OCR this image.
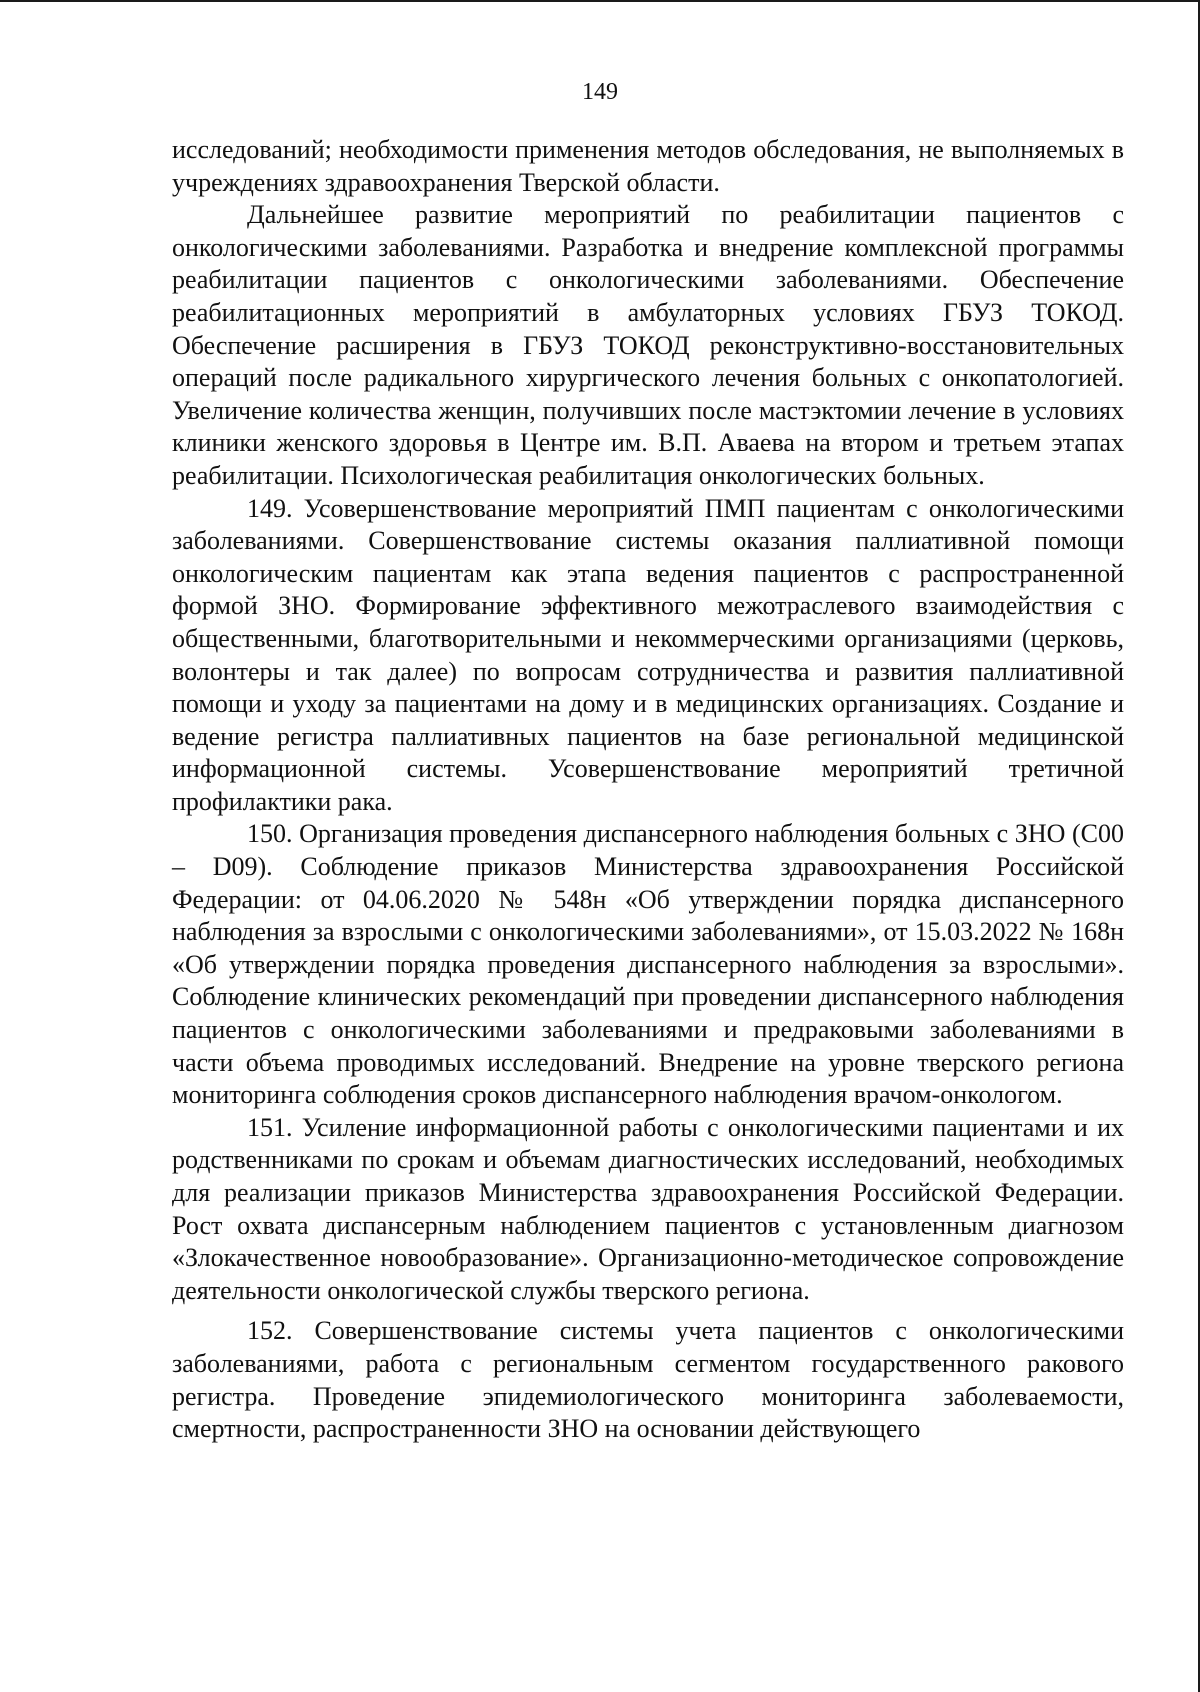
149

исследований; необходимости применения методов обследования, не выполняемых в учреждениях здравоохранения Тверской области.

Дальнейшее развитие мероприятий по реабилитации пациентов с онкологическими заболеваниями. Разработка и внедрение комплексной программы реабилитации пациентов с онкологическими заболеваниями. Обеспечение реабилитационных мероприятий в амбулаторных условиях ГБУЗ ТОКОД. Обеспечение расширения в ГБУЗ ТОКОД реконструктивно-восстановительных операций после радикального хирургического лечения больных с онкопатологией. Увеличение количества женщин, получивших после мастэктомии лечение в условиях клиники женского здоровья в Центре им. В.П. Аваева на втором и третьем этапах реабилитации. Психологическая реабилитация онкологических больных.

149. Усовершенствование мероприятий ПМП пациентам с онкологическими заболеваниями. Совершенствование системы оказания паллиативной помощи онкологическим пациентам как этапа ведения пациентов с распространенной формой ЗНО. Формирование эффективного межотраслевого взаимодействия с общественными, благотворительными и некоммерческими организациями (церковь, волонтеры и так далее) по вопросам сотрудничества и развития паллиативной помощи и уходу за пациентами на дому и в медицинских организациях. Создание и ведение регистра паллиативных пациентов на базе региональной медицинской информационной системы. Усовершенствование мероприятий третичной профилактики рака.

150. Организация проведения диспансерного наблюдения больных с ЗНО (C00 – D09). Соблюдение приказов Министерства здравоохранения Российской Федерации: от 04.06.2020 № 548н «Об утверждении порядка диспансерного наблюдения за взрослыми с онкологическими заболеваниями», от 15.03.2022 № 168н «Об утверждении порядка проведения диспансерного наблюдения за взрослыми». Соблюдение клинических рекомендаций при проведении диспансерного наблюдения пациентов с онкологическими заболеваниями и предраковыми заболеваниями в части объема проводимых исследований. Внедрение на уровне тверского региона мониторинга соблюдения сроков диспансерного наблюдения врачом-онкологом.

151. Усиление информационной работы с онкологическими пациентами и их родственниками по срокам и объемам диагностических исследований, необходимых для реализации приказов Министерства здравоохранения Российской Федерации. Рост охвата диспансерным наблюдением пациентов с установленным диагнозом «Злокачественное новообразование». Организационно-методическое сопровождение деятельности онкологической службы тверского региона.

152. Совершенствование системы учета пациентов с онкологическими заболеваниями, работа с региональным сегментом государственного ракового регистра. Проведение эпидемиологического мониторинга заболеваемости, смертности, распространенности ЗНО на основании действующего
